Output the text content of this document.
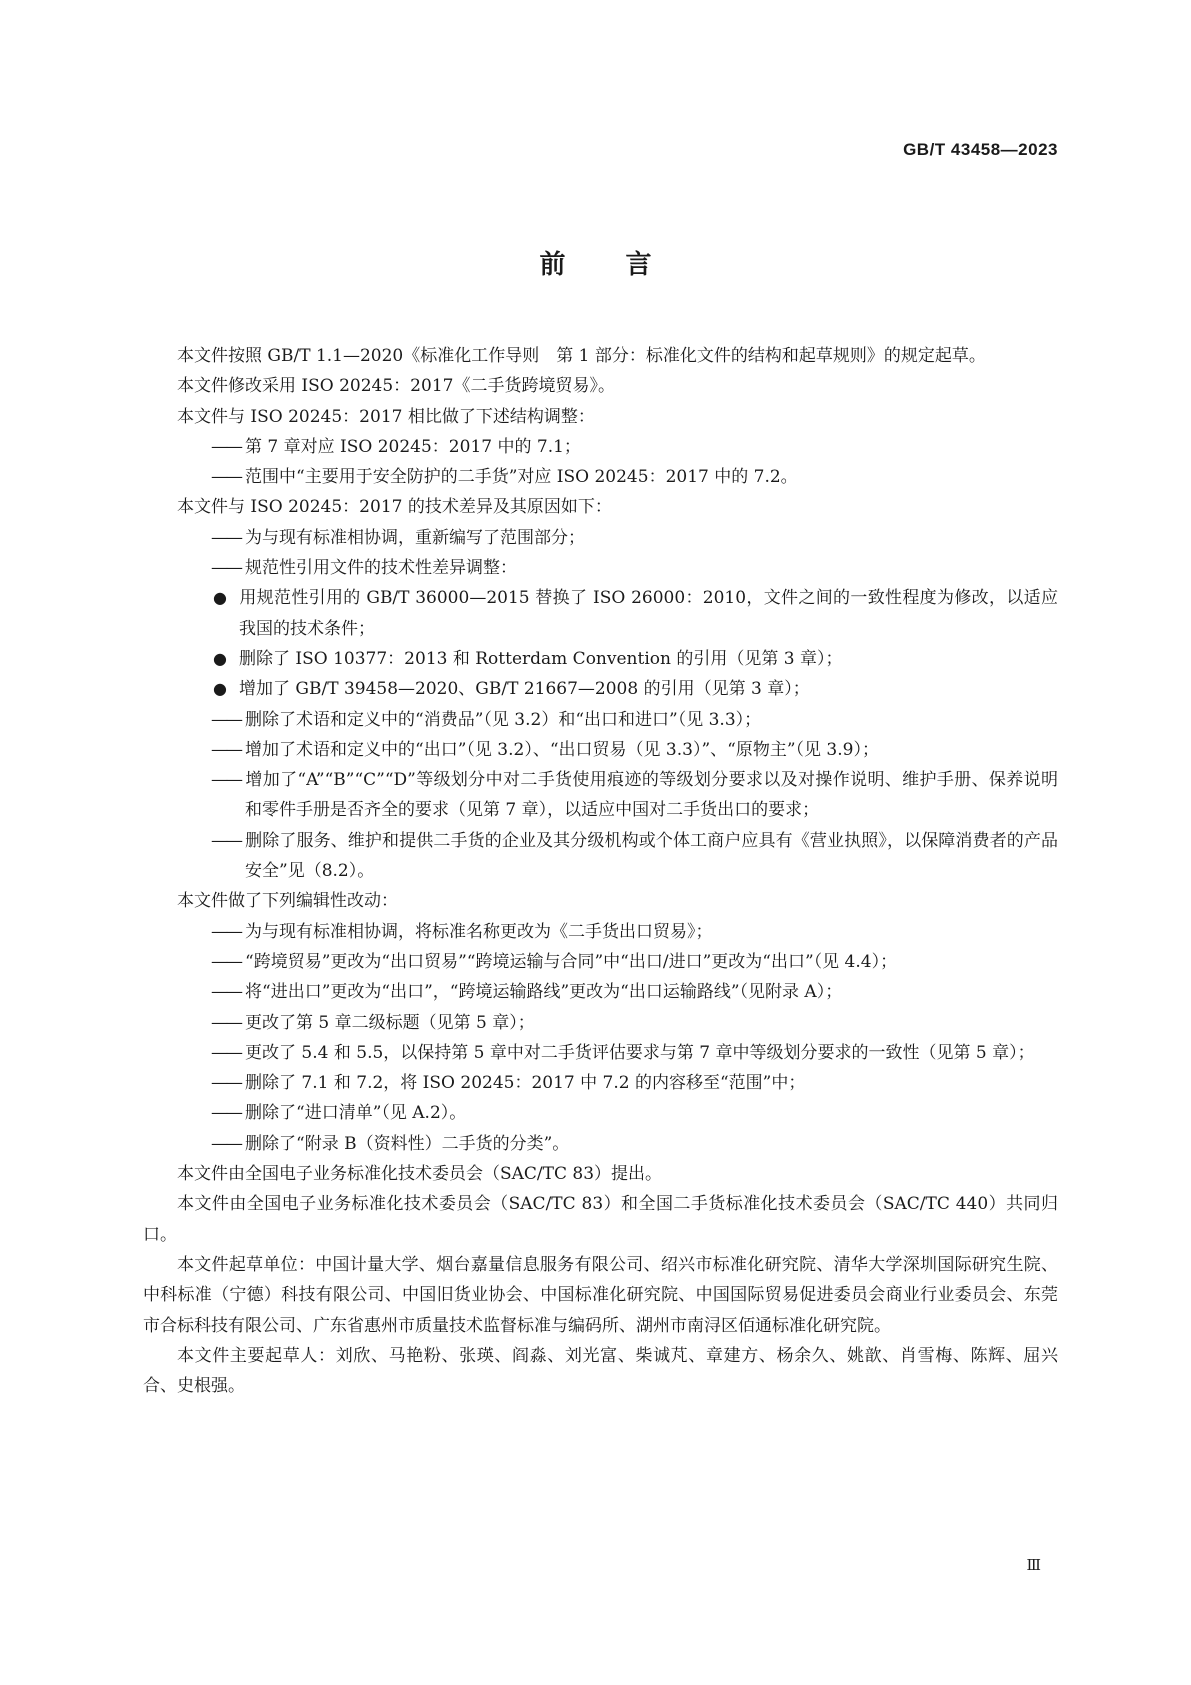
GB/T 43458—2023
前 言
本文件按照 GB/T 1.1—2020《标准化工作导则　第 1 部分：标准化文件的结构和起草规则》的规定起草。
本文件修改采用 ISO 20245：2017《二手货跨境贸易》。
本文件与 ISO 20245：2017 相比做了下述结构调整：
—— 第 7 章对应 ISO 20245：2017 中的 7.1；
—— 范围中“主要用于安全防护的二手货”对应 ISO 20245：2017 中的 7.2。
本文件与 ISO 20245：2017 的技术差异及其原因如下：
—— 为与现有标准相协调，重新编写了范围部分；
—— 规范性引用文件的技术性差异调整：
● 用规范性引用的 GB/T 36000—2015 替换了 ISO 26000：2010，文件之间的一致性程度为修改，以适应我国的技术条件；
● 删除了 ISO 10377：2013 和 Rotterdam Convention 的引用（见第 3 章）；
● 增加了 GB/T 39458—2020、GB/T 21667—2008 的引用（见第 3 章）；
—— 删除了术语和定义中的“消费品”（见 3.2）和“出口和进口”（见 3.3）；
—— 增加了术语和定义中的“出口”（见 3.2）、“出口贸易（见 3.3）”、“原物主”（见 3.9）；
—— 增加了“A”“B”“C”“D”等级划分中对二手货使用痕迹的等级划分要求以及对操作说明、维护手册、保养说明和零件手册是否齐全的要求（见第 7 章），以适应中国对二手货出口的要求；
—— 删除了服务、维护和提供二手货的企业及其分级机构或个体工商户应具有《营业执照》，以保障消费者的产品安全”见（8.2）。
本文件做了下列编辑性改动：
—— 为与现有标准相协调，将标准名称更改为《二手货出口贸易》；
—— “跨境贸易”更改为“出口贸易”“跨境运输与合同”中“出口/进口”更改为“出口”（见 4.4）；
—— 将“进出口”更改为“出口”，“跨境运输路线”更改为“出口运输路线”（见附录 A）；
—— 更改了第 5 章二级标题（见第 5 章）；
—— 更改了 5.4 和 5.5，以保持第 5 章中对二手货评估要求与第 7 章中等级划分要求的一致性（见第 5 章）；
—— 删除了 7.1 和 7.2，将 ISO 20245：2017 中 7.2 的内容移至“范围”中；
—— 删除了“进口清单”（见 A.2）。
—— 删除了“附录 B（资料性）二手货的分类”。
本文件由全国电子业务标准化技术委员会（SAC/TC 83）提出。
本文件由全国电子业务标准化技术委员会（SAC/TC 83）和全国二手货标准化技术委员会（SAC/TC 440）共同归口。
本文件起草单位：中国计量大学、烟台嘉量信息服务有限公司、绍兴市标准化研究院、清华大学深圳国际研究生院、中科标准（宁德）科技有限公司、中国旧货业协会、中国标准化研究院、中国国际贸易促进委员会商业行业委员会、东莞市合标科技有限公司、广东省惠州市质量技术监督标准与编码所、湖州市南浔区佰通标准化研究院。
本文件主要起草人：刘欣、马艳粉、张瑛、阎淼、刘光富、柴诚芃、章建方、杨余久、姚歆、肖雪梅、陈辉、屈兴合、史根强。
Ⅲ
